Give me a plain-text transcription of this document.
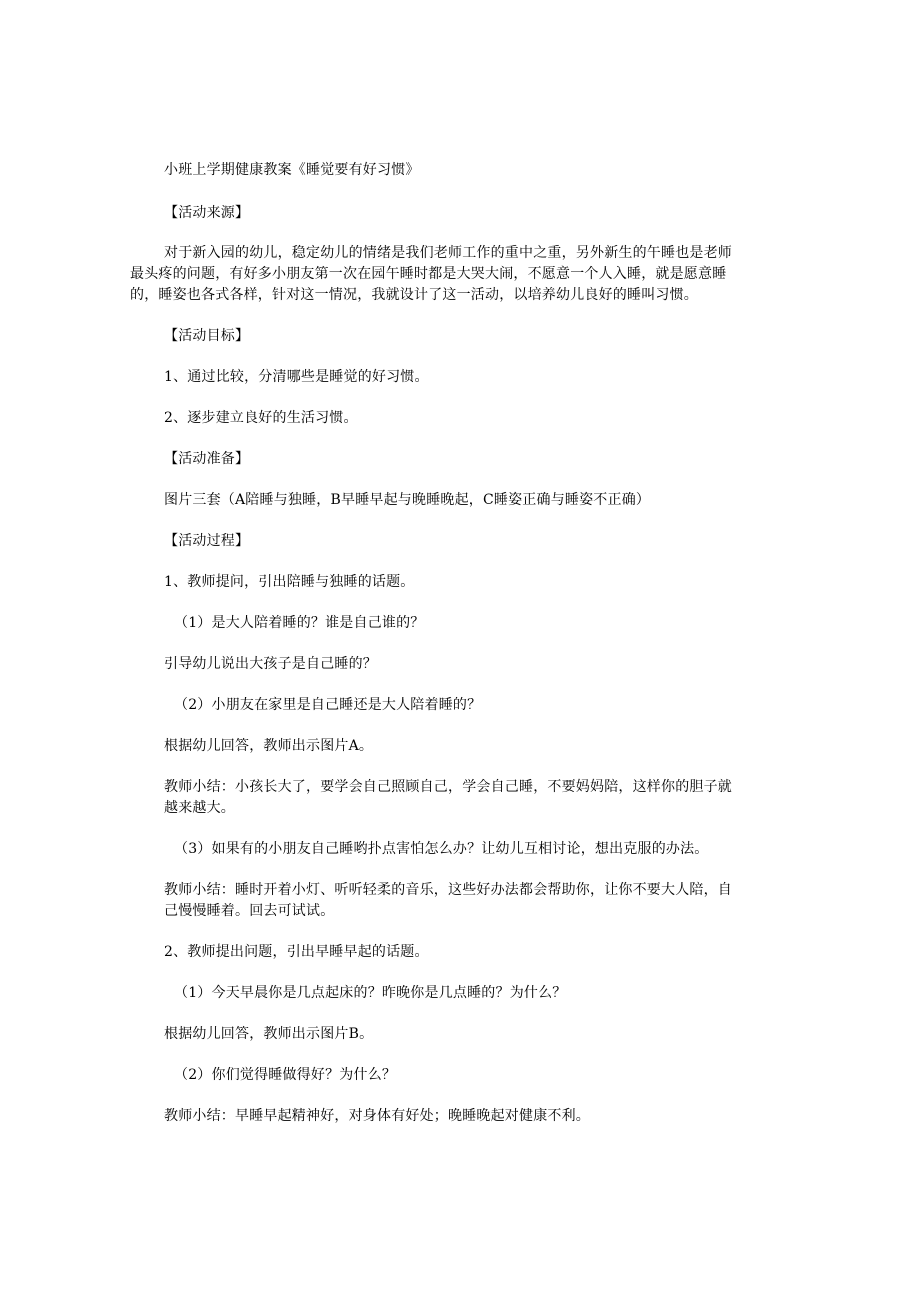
小班上学期健康教案《睡觉要有好习惯》
【活动来源】
对于新入园的幼儿，稳定幼儿的情绪是我们老师工作的重中之重，另外新生的午睡也是老师
最头疼的问题，有好多小朋友第一次在园午睡时都是大哭大闹，不愿意一个人入睡，就是愿意睡
的，睡姿也各式各样，针对这一情况，我就设计了这一活动，以培养幼儿良好的睡叫习惯。
【活动目标】
1、通过比较，分清哪些是睡觉的好习惯。
2、逐步建立良好的生活习惯。
【活动准备】
图片三套（A陪睡与独睡，B早睡早起与晚睡晚起，C睡姿正确与睡姿不正确）
【活动过程】
1、教师提问，引出陪睡与独睡的话题。
（1）是大人陪着睡的？谁是自己谁的？
引导幼儿说出大孩子是自己睡的？
（2）小朋友在家里是自己睡还是大人陪着睡的？
根据幼儿回答，教师出示图片A。
教师小结：小孩长大了，要学会自己照顾自己，学会自己睡，不要妈妈陪，这样你的胆子就
越来越大。
（3）如果有的小朋友自己睡哟扑点害怕怎么办？让幼儿互相讨论，想出克服的办法。
教师小结：睡时开着小灯、听听轻柔的音乐，这些好办法都会帮助你，让你不要大人陪，自
己慢慢睡着。回去可试试。
2、教师提出问题，引出早睡早起的话题。
（1）今天早晨你是几点起床的？昨晚你是几点睡的？为什么？
根据幼儿回答，教师出示图片B。
（2）你们觉得睡做得好？为什么？
教师小结：早睡早起精神好，对身体有好处；晚睡晚起对健康不利。
